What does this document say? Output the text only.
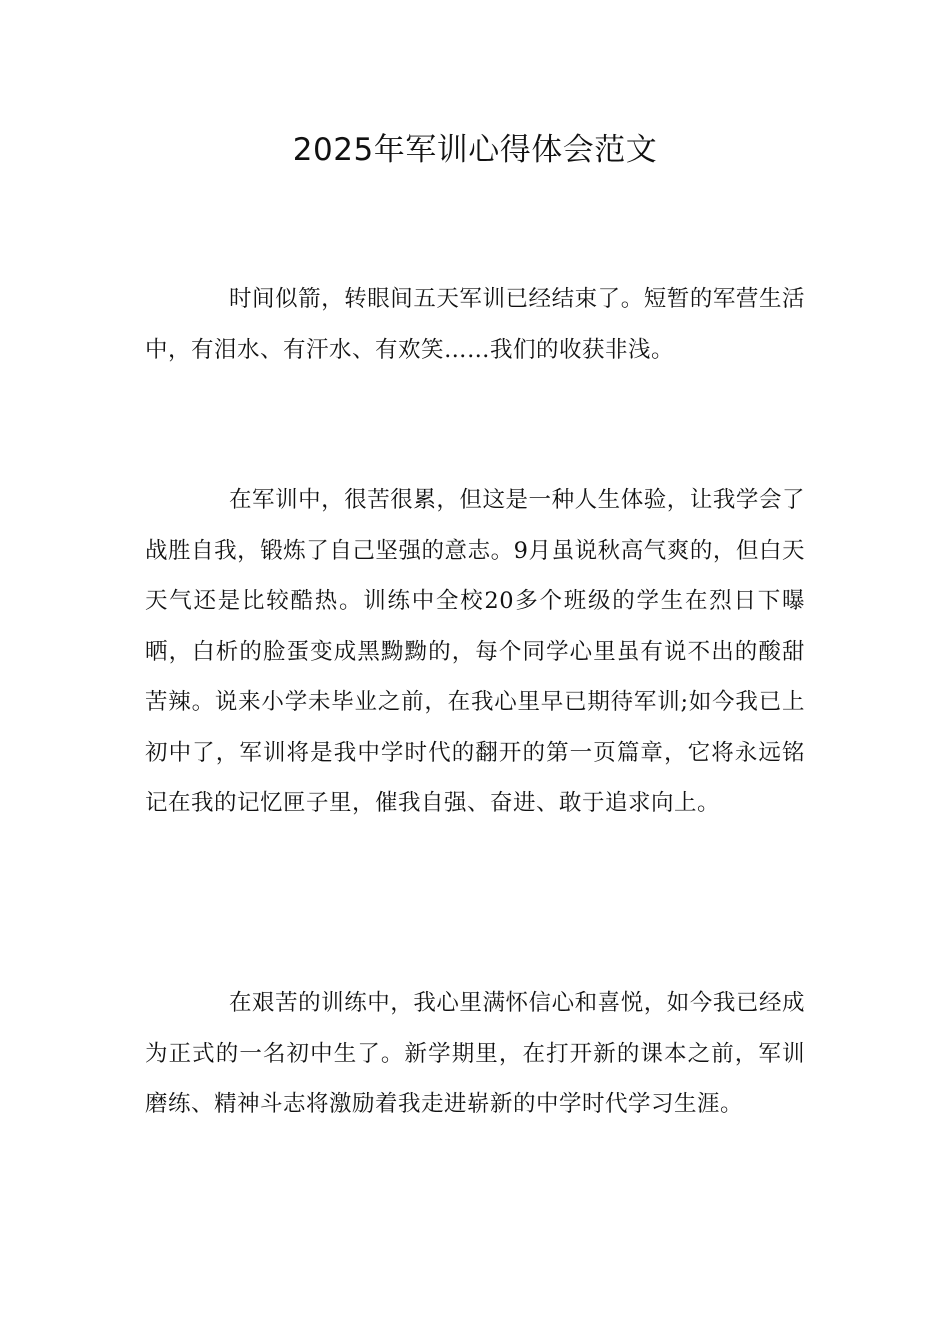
2025年军训心得体会范文

时间似箭，转眼间五天军训已经结束了。短暂的军营生活中，有泪水、有汗水、有欢笑……我们的收获非浅。

在军训中，很苦很累，但这是一种人生体验，让我学会了战胜自我，锻炼了自己坚强的意志。9月虽说秋高气爽的，但白天天气还是比较酷热。训练中全校20多个班级的学生在烈日下曝晒，白析的脸蛋变成黑黝黝的，每个同学心里虽有说不出的酸甜苦辣。说来小学未毕业之前，在我心里早已期待军训;如今我已上初中了，军训将是我中学时代的翻开的第一页篇章，它将永远铭记在我的记忆匣子里，催我自强、奋进、敢于追求向上。

在艰苦的训练中，我心里满怀信心和喜悦，如今我已经成为正式的一名初中生了。新学期里，在打开新的课本之前，军训磨练、精神斗志将激励着我走进崭新的中学时代学习生涯。
